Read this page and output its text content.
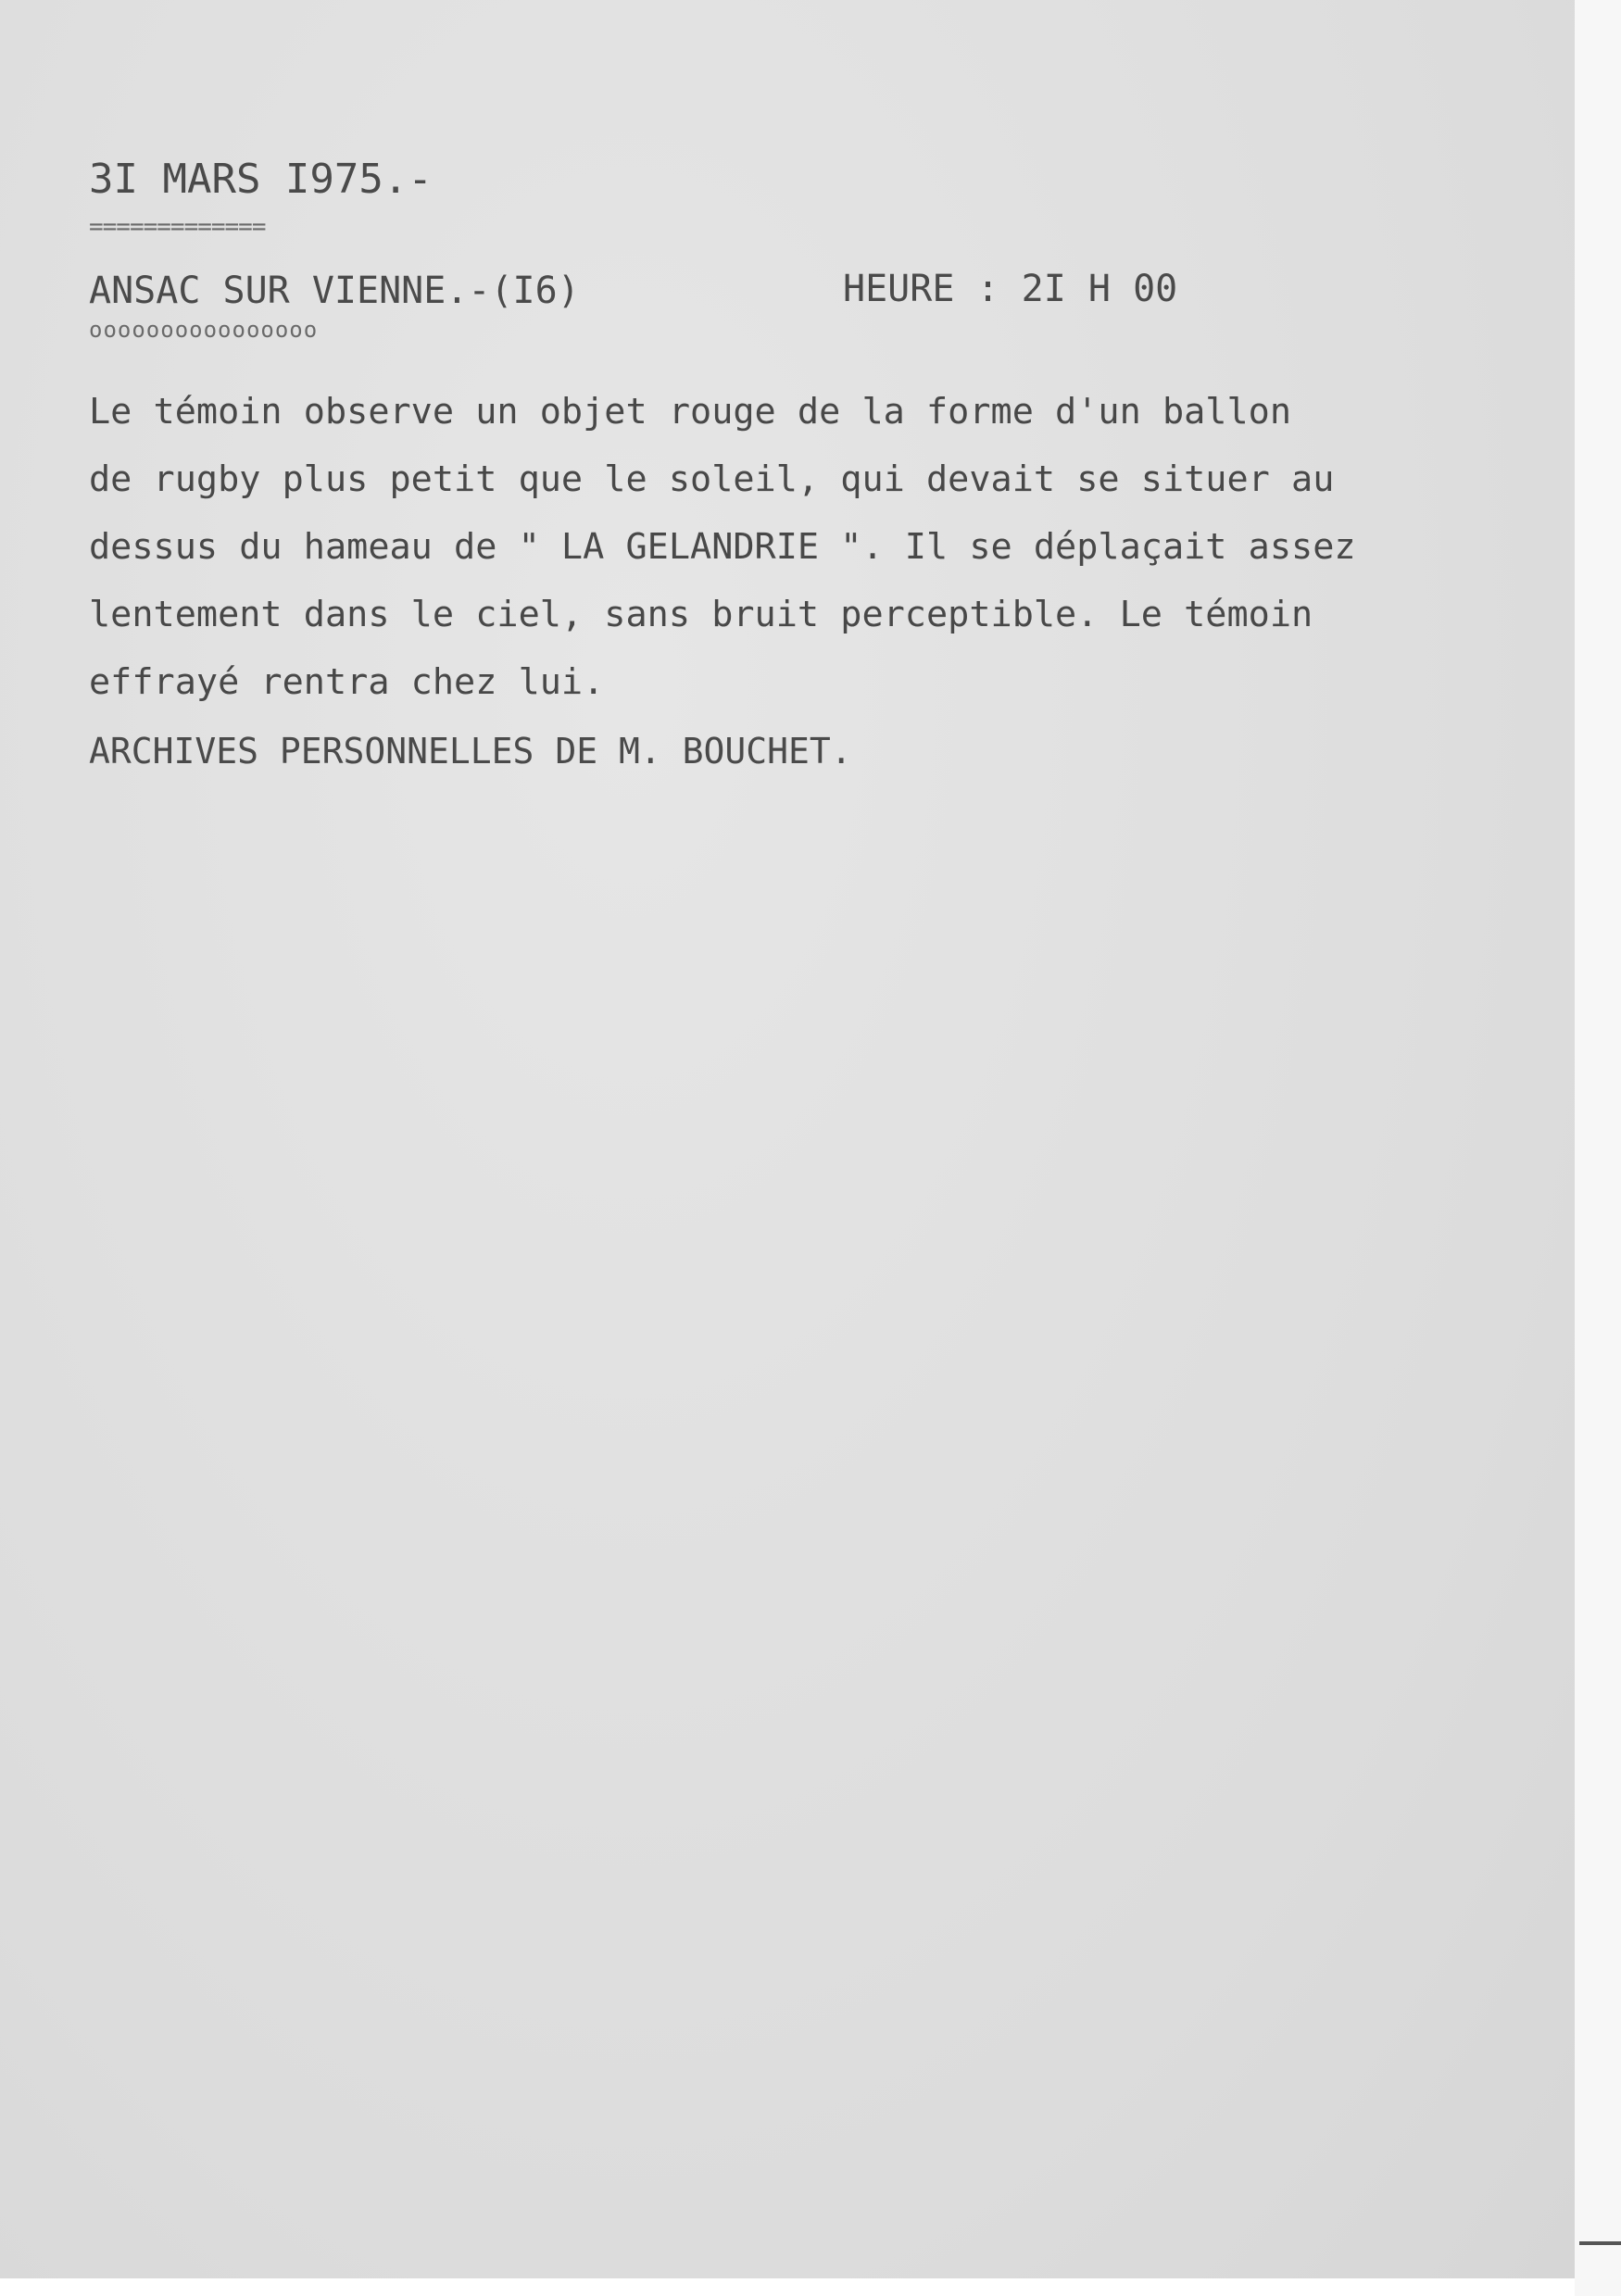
3I MARS I975.-
=============
ANSAC SUR VIENNE.-(I6)
oooooooooooooooo
HEURE : 2I H 00
Le témoin observe un objet rouge de la forme d'un ballon
de rugby plus petit que le soleil, qui devait se situer au
dessus du hameau de " LA GELANDRIE ". Il se déplaçait assez
lentement dans le ciel, sans bruit perceptible. Le témoin
effrayé rentra chez lui.
ARCHIVES PERSONNELLES DE M. BOUCHET.
